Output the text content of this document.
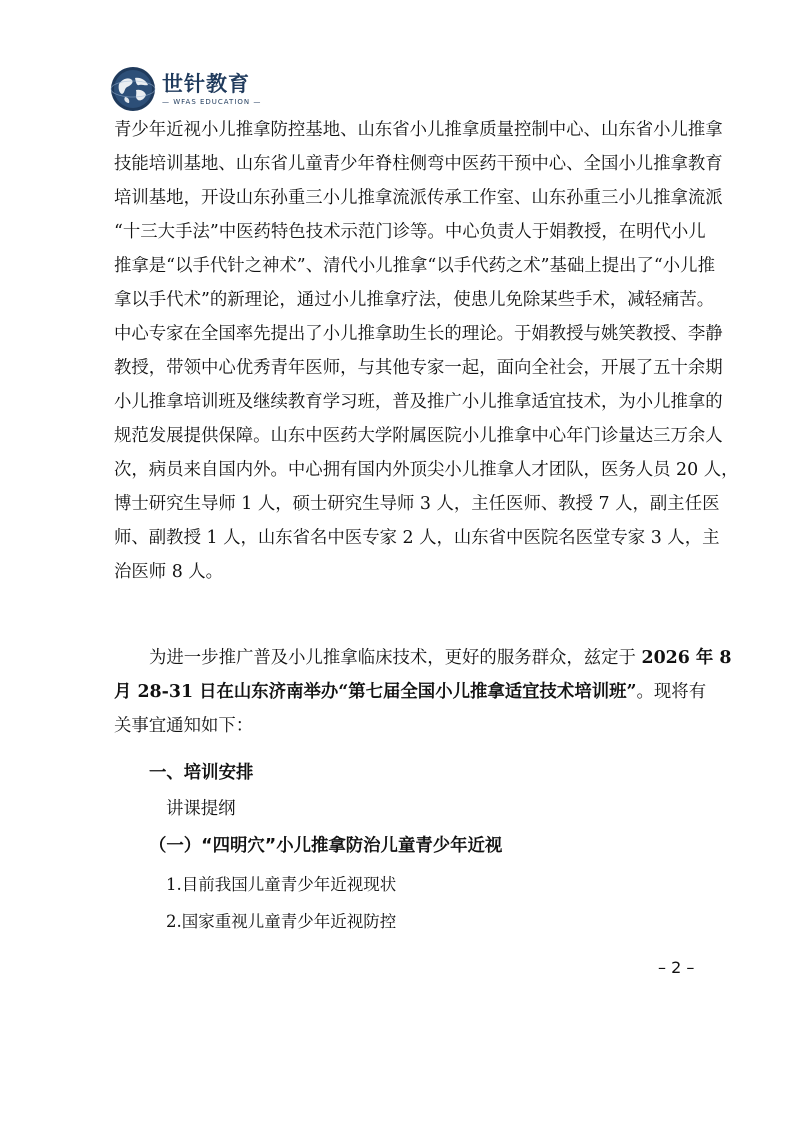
世针教育
— WFAS EDUCATION —
青少年近视小儿推拿防控基地、山东省小儿推拿质量控制中心、山东省小儿推拿
技能培训基地、山东省儿童青少年脊柱侧弯中医药干预中心、全国小儿推拿教育
培训基地，开设山东孙重三小儿推拿流派传承工作室、山东孙重三小儿推拿流派
“十三大手法”中医药特色技术示范门诊等。中心负责人于娟教授，在明代小儿
推拿是“以手代针之神术”、清代小儿推拿“以手代药之术”基础上提出了“小儿推
拿以手代术”的新理论，通过小儿推拿疗法，使患儿免除某些手术，减轻痛苦。
中心专家在全国率先提出了小儿推拿助生长的理论。于娟教授与姚笑教授、李静
教授，带领中心优秀青年医师，与其他专家一起，面向全社会，开展了五十余期
小儿推拿培训班及继续教育学习班，普及推广小儿推拿适宜技术，为小儿推拿的
规范发展提供保障。山东中医药大学附属医院小儿推拿中心年门诊量达三万余人
次，病员来自国内外。中心拥有国内外顶尖小儿推拿人才团队，医务人员 20 人，
博士研究生导师 1 人，硕士研究生导师 3 人，主任医师、教授 7 人，副主任医
师、副教授 1 人，山东省名中医专家 2 人，山东省中医院名医堂专家 3 人，主
治医师 8 人。
为进一步推广普及小儿推拿临床技术，更好的服务群众，兹定于 2026 年 8
月 28-31 日在山东济南举办“第七届全国小儿推拿适宜技术培训班”。现将有
关事宜通知如下：
一、培训安排
讲课提纲
（一）“四明穴”小儿推拿防治儿童青少年近视
1.目前我国儿童青少年近视现状
2.国家重视儿童青少年近视防控
– 2 –
